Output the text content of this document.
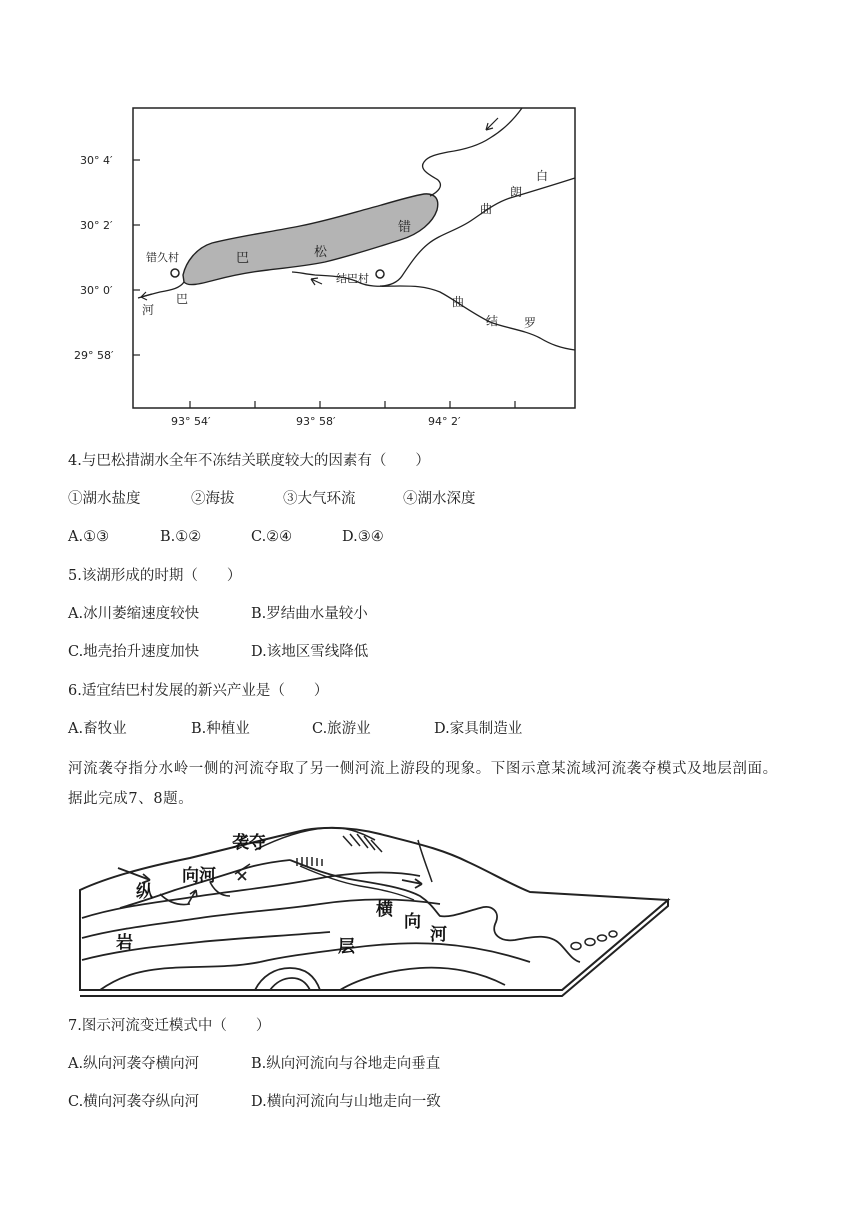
30° 4′
30° 2′
30° 0′
29° 58′
93° 54′	93° 58′	94° 2′
错久村
结巴村
巴	松
错
巴
河
白
朗
曲
罗
结
曲
4.与巴松措湖水全年不冻结关联度较大的因素有（　　）
①湖水盐度	②海拔	③大气环流	④湖水深度
A.①③	B.①②	C.②④	D.③④
5.该湖形成的时期（　　）
A.冰川萎缩速度较快	B.罗结曲水量较小
C.地壳抬升速度加快	D.该地区雪线降低
6.适宜结巴村发展的新兴产业是（　　）
A.畜牧业	B.种植业	C.旅游业	D.家具制造业
河流袭夺指分水岭一侧的河流夺取了另一侧河流上游段的现象。下图示意某流域河流袭夺模式及地层剖面。据此完成7、8题。
袭夺
纵
向河
横
向
河
岩	层
7.图示河流变迁模式中（　　）
A.纵向河袭夺横向河	B.纵向河流向与谷地走向垂直
C.横向河袭夺纵向河	D.横向河流向与山地走向一致
